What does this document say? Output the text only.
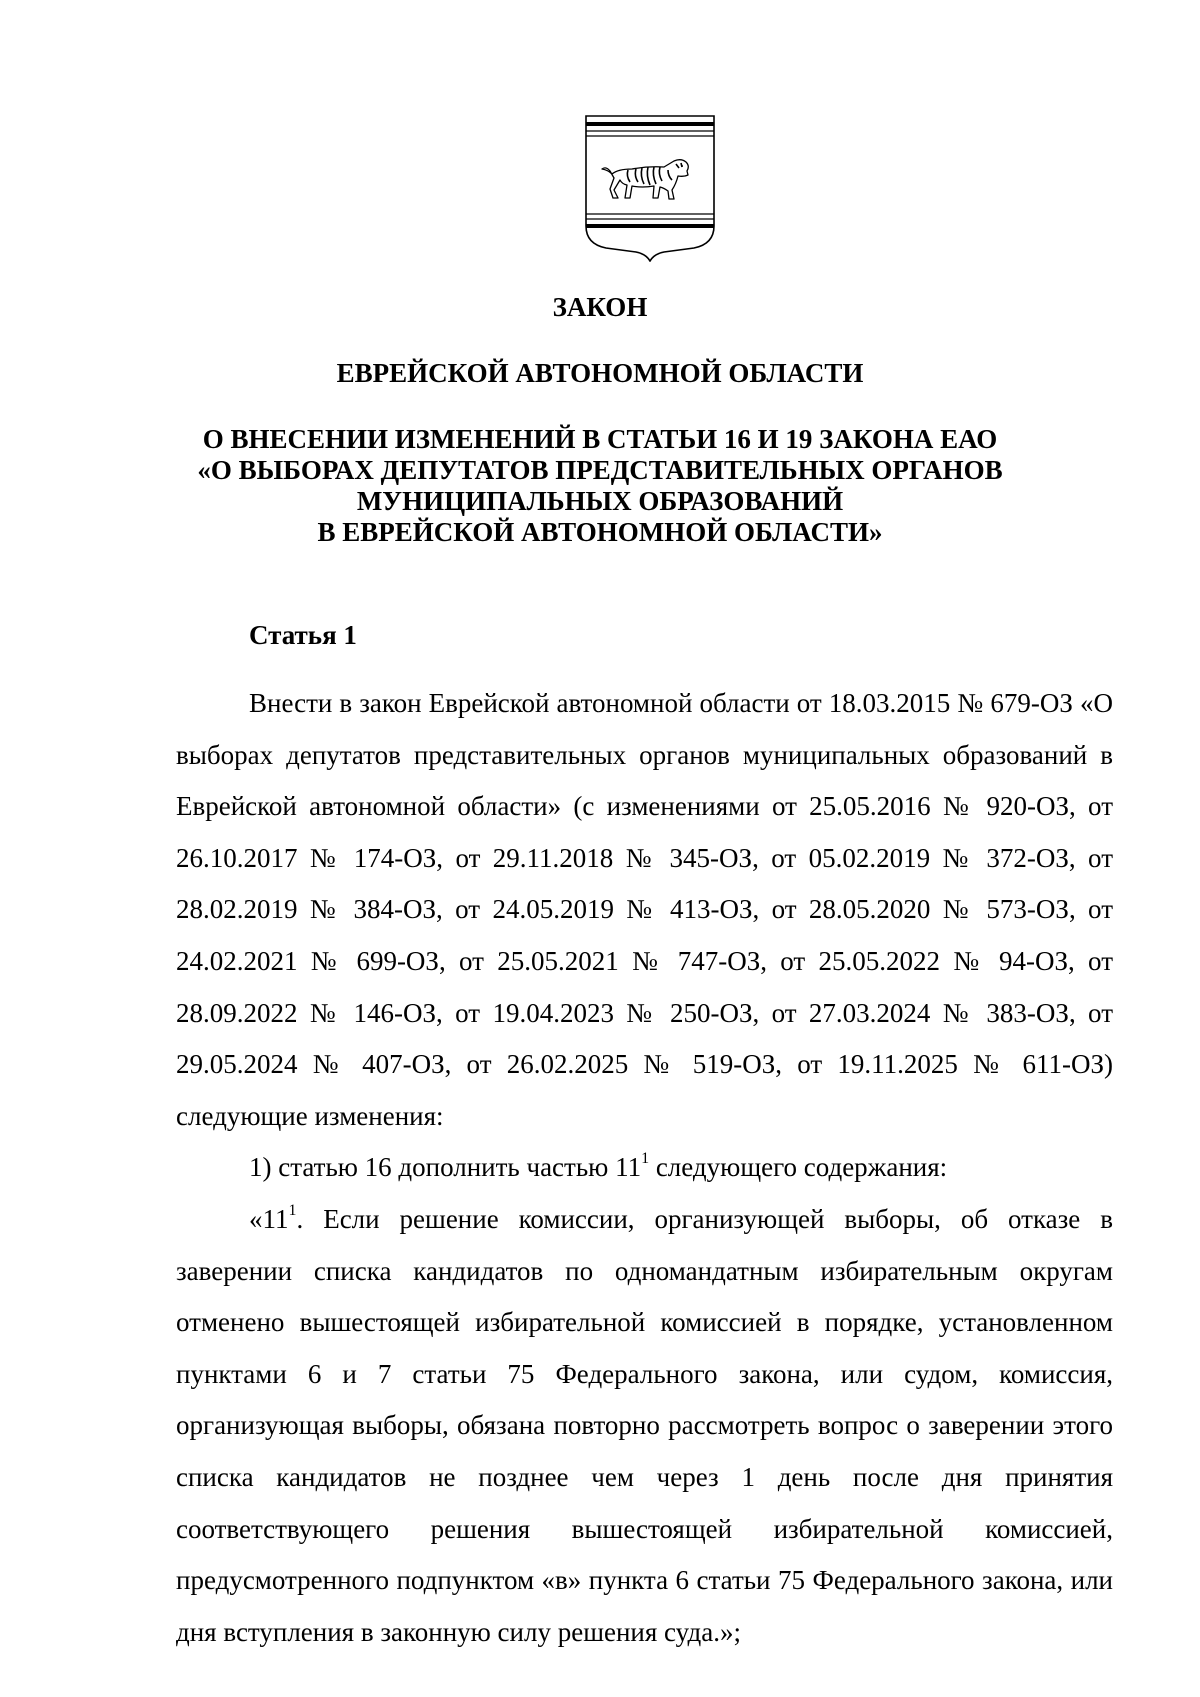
ЗАКОН
ЕВРЕЙСКОЙ АВТОНОМНОЙ ОБЛАСТИ
О ВНЕСЕНИИ ИЗМЕНЕНИЙ В СТАТЬИ 16 И 19 ЗАКОНА ЕАО
«О ВЫБОРАХ ДЕПУТАТОВ ПРЕДСТАВИТЕЛЬНЫХ ОРГАНОВ
МУНИЦИПАЛЬНЫХ ОБРАЗОВАНИЙ
В ЕВРЕЙСКОЙ АВТОНОМНОЙ ОБЛАСТИ»
Статья 1

Внести в закон Еврейской автономной области от 18.03.2015 № 679-ОЗ «О выборах депутатов представительных органов муниципальных образований в Еврейской автономной области» (с изменениями от 25.05.2016 № 920-ОЗ, от 26.10.2017 № 174-ОЗ, от 29.11.2018 № 345-ОЗ, от 05.02.2019 № 372-ОЗ, от 28.02.2019 № 384-ОЗ, от 24.05.2019 № 413-ОЗ, от 28.05.2020 № 573-ОЗ, от 24.02.2021 № 699-ОЗ, от 25.05.2021 № 747-ОЗ, от 25.05.2022 № 94-ОЗ, от 28.09.2022 № 146-ОЗ, от 19.04.2023 № 250-ОЗ, от 27.03.2024 № 383-ОЗ, от 29.05.2024 № 407-ОЗ, от 26.02.2025 № 519-ОЗ, от 19.11.2025 № 611-ОЗ) следующие изменения:

1) статью 16 дополнить частью $11^1$ следующего содержания:

«$11^1$. Если решение комиссии, организующей выборы, об отказе в заверении списка кандидатов по одномандатным избирательным округам отменено вышестоящей избирательной комиссией в порядке, установленном пунктами 6 и 7 статьи 75 Федерального закона, или судом, комиссия, организующая выборы, обязана повторно рассмотреть вопрос о заверении этого списка кандидатов не позднее чем через 1 день после дня принятия соответствующего решения вышестоящей избирательной комиссией, предусмотренного подпунктом «в» пункта 6 статьи 75 Федерального закона, или дня вступления в законную силу решения суда.»;
